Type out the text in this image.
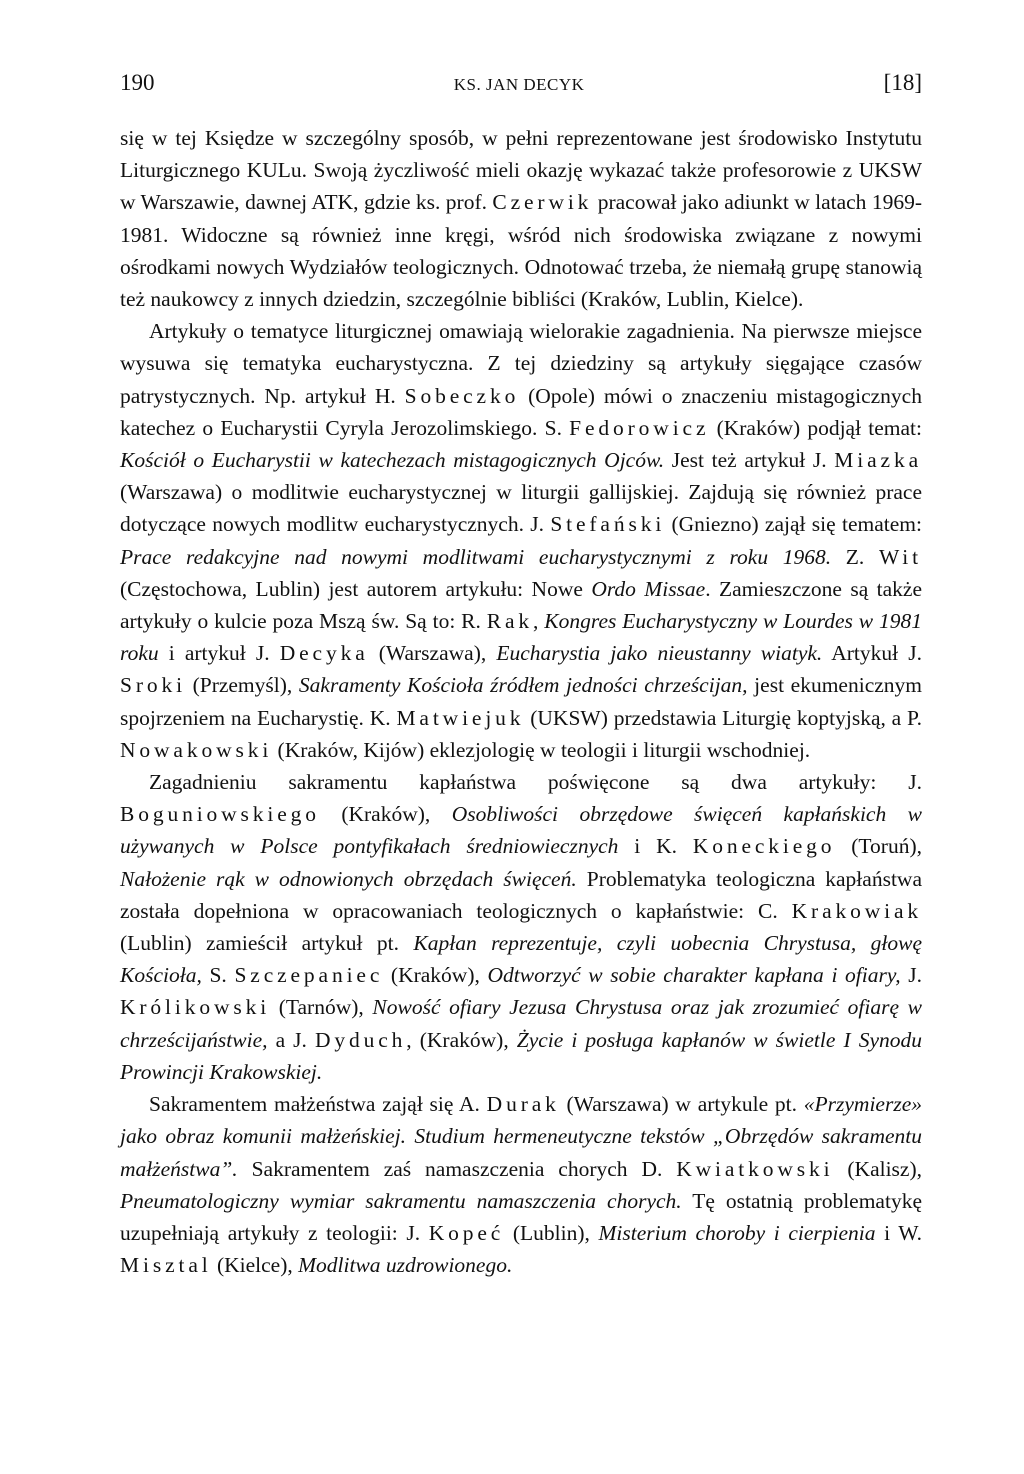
190	KS. JAN DECYK	[18]

się w tej Księdze w szczególny sposób, w pełni reprezentowane jest środowisko Instytutu Liturgicznego KULu. Swoją życzliwość mieli okazję wykazać także profesorowie z UKSW w Warszawie, dawnej ATK, gdzie ks. prof. Czerwik pracował jako adiunkt w latach 1969-1981. Widoczne są również inne kręgi, wśród nich środowiska związane z nowymi ośrodkami nowych Wydziałów teologicznych. Odnotować trzeba, że niemałą grupę stanowią też naukowcy z innych dziedzin, szczególnie bibliści (Kraków, Lublin, Kielce).

Artykuły o tematyce liturgicznej omawiają wielorakie zagadnienia. Na pierwsze miejsce wysuwa się tematyka eucharystyczna. Z tej dziedziny są artykuły sięgające czasów patrystycznych. Np. artykuł H. Sobeczko (Opole) mówi o znaczeniu mistagogicznych katechez o Eucharystii Cyryla Jerozolimskiego. S. Fedorowicz (Kraków) podjął temat: Kościół o Eucharystii w katechezach mistagogicznych Ojców. Jest też artykuł J. Miazka (Warszawa) o modlitwie eucharystycznej w liturgii gallijskiej. Zajdują się również prace dotyczące nowych modlitw eucharystycznych. J. Stefański (Gniezno) zajął się tematem: Prace redakcyjne nad nowymi modlitwami eucharystycznymi z roku 1968. Z. Wit (Częstochowa, Lublin) jest autorem artykułu: Nowe Ordo Missae. Zamieszczone są także artykuły o kulcie poza Mszą św. Są to: R. Rak, Kongres Eucharystyczny w Lourdes w 1981 roku i artykuł J. Decyka (Warszawa), Eucharystia jako nieustanny wiatyk. Artykuł J. Sroki (Przemyśl), Sakramenty Kościoła źródłem jedności chrześcijan, jest ekumenicznym spojrzeniem na Eucharystię. K. Matwiejuk (UKSW) przedstawia Liturgię koptyjską, a P. Nowakowski (Kraków, Kijów) eklezjologię w teologii i liturgii wschodniej.

Zagadnieniu sakramentu kapłaństwa poświęcone są dwa artykuły: J. Boguniowskiego (Kraków), Osobliwości obrzędowe święceń kapłańskich w używanych w Polsce pontyfikałach średniowiecznych i K. Koneckiego (Toruń), Nałożenie rąk w odnowionych obrzędach święceń. Problematyka teologiczna kapłaństwa została dopełniona w opracowaniach teologicznych o kapłaństwie: C. Krakowiak (Lublin) zamieścił artykuł pt. Kapłan reprezentuje, czyli uobecnia Chrystusa, głowę Kościoła, S. Szczepaniec (Kraków), Odtworzyć w sobie charakter kapłana i ofiary, J. Królikowski (Tarnów), Nowość ofiary Jezusa Chrystusa oraz jak zrozumieć ofiarę w chrześcijaństwie, a J. Dyduch, (Kraków), Życie i posługa kapłanów w świetle I Synodu Prowincji Krakowskiej.

Sakramentem małżeństwa zajął się A. Durak (Warszawa) w artykule pt. «Przymierze» jako obraz komunii małżeńskiej. Studium hermeneutyczne tekstów „Obrzędów sakramentu małżeństwa”. Sakramentem zaś namaszczenia chorych D. Kwiatkowski (Kalisz), Pneumatologiczny wymiar sakramentu namaszczenia chorych. Tę ostatnią problematykę uzupełniają artykuły z teologii: J. Kopeć (Lublin), Misterium choroby i cierpienia i W. Misztal (Kielce), Modlitwa uzdrowionego.
